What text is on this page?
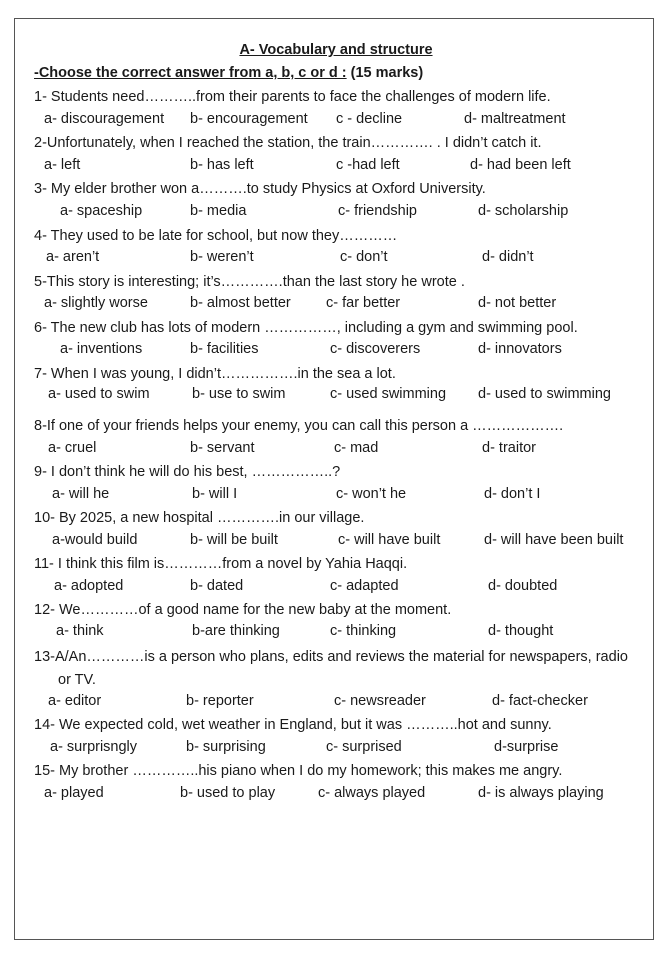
A- Vocabulary and structure
-Choose the correct answer from a, b, c or d : (15 marks)
1- Students need………..from their parents to face the challenges of modern life.
a- discouragement b- encouragement c - decline	d- maltreatment
2-Unfortunately, when I reached the station, the train…………. . I didn’t catch it.
a- left	b- has left	c -had left	d- had been left
3- My elder brother won a……….to study Physics at Oxford University.
a- spaceship	b- media	c- friendship	d- scholarship
4- They used to be late for school, but now they…………
a- aren’t	b- weren’t	c- don’t	d- didn’t
5-This story is interesting; it’s………….than the last story he wrote .
a- slightly worse	b- almost better c- far better	d- not better
6- The new club has lots of modern ……………, including a gym and swimming pool.
a- inventions	b- facilities	c- discoverers	d- innovators
7- When I was young, I didn’t…………….in the sea a lot.
a- used to swim	b- use to swim	c- used swimming d- used to swimming
8-If one of your friends helps your enemy, you can call this person a ……………….
a- cruel	b- servant	c- mad	d- traitor
9- I don’t think he will do his best, ……………..?
a- will he	b- will I	c- won’t he	d- don’t I
10- By 2025, a new hospital ………….in our village.
a-would build	b- will be built	c- will have built	d- will have been built
11- I think this film is…………from a novel by Yahia Haqqi.
a- adopted	b- dated	c- adapted	d- doubted
12- We…………of a good name for the new baby at the moment.
a- think	b-are thinking	c- thinking	d- thought
13-A/An…………is a person who plans, edits and reviews the material for newspapers, radio
or TV.
a- editor	b- reporter	c- newsreader	d- fact-checker
14- We expected cold, wet weather in England, but it was ………..hot and sunny.
a- surprisngly	b- surprising	c- surprised	d-surprise
15- My brother …………..his piano when I do my homework; this makes me angry.
a- played	b- used to play	c- always played	d- is always playing
